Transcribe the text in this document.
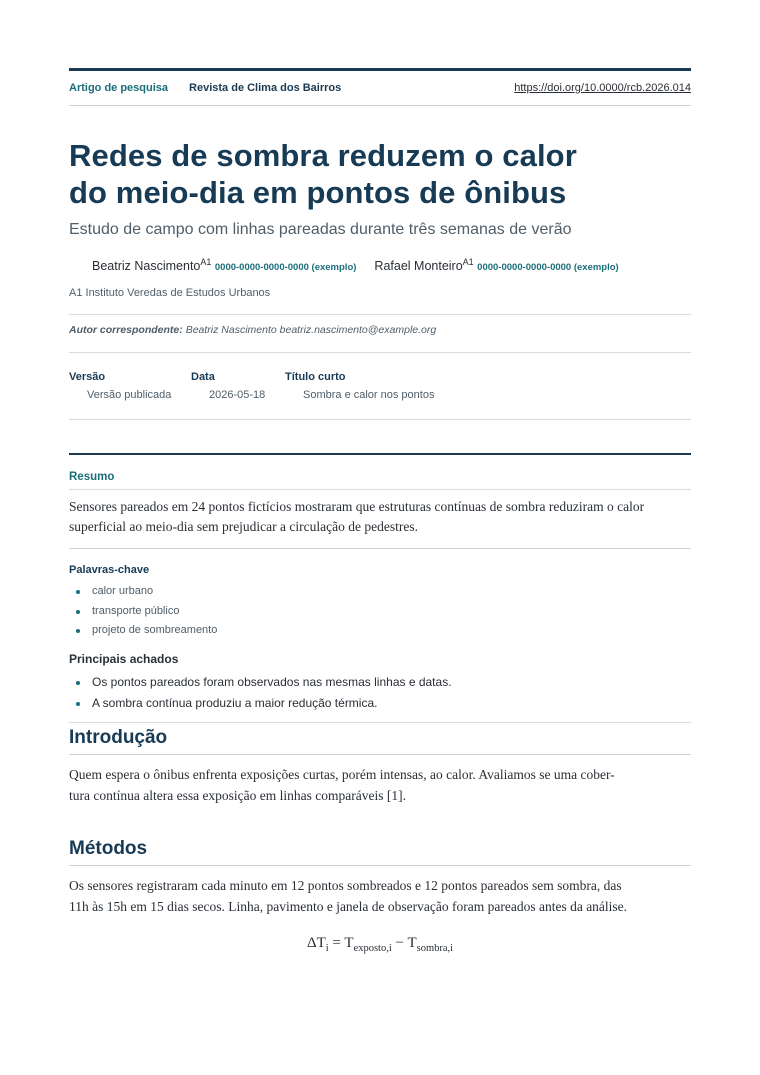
Artigo de pesquisa Revista de Clima dos Bairros	https://doi.org/10.0000/rcb.2026.014
Redes de sombra reduzem o calor
do meio-dia em pontos de ônibus
Estudo de campo com linhas pareadas durante três semanas de verão
Beatriz Nascimento$^{A1}$ 0000-0000-0000-0000 (exemplo) Rafael Monteiro$^{A1}$ 0000-0000-0000-0000 (exemplo)
A1 Instituto Veredas de Estudos Urbanos
Autor correspondente: Beatriz Nascimento beatriz.nascimento@example.org
Versão
Versão publicada
Data
2026-05-18
Título curto
Sombra e calor nos pontos
Resumo
Sensores pareados em 24 pontos fictícios mostraram que estruturas contínuas de sombra reduziram o calor superficial ao meio-dia sem prejudicar a circulação de pedestres.
Palavras-chave
calor urbano
transporte público
projeto de sombreamento
Principais achados
Os pontos pareados foram observados nas mesmas linhas e datas.
A sombra contínua produziu a maior redução térmica.
Introdução
Quem espera o ônibus enfrenta exposições curtas, porém intensas, ao calor. Avaliamos se uma cober-
tura contínua altera essa exposição em linhas comparáveis [1].
Métodos
Os sensores registraram cada minuto em 12 pontos sombreados e 12 pontos pareados sem sombra, das
11h às 15h em 15 dias secos. Linha, pavimento e janela de observação foram pareados antes da análise.
$\Delta T_i = T_{exposto,i} - T_{sombra,i}$
